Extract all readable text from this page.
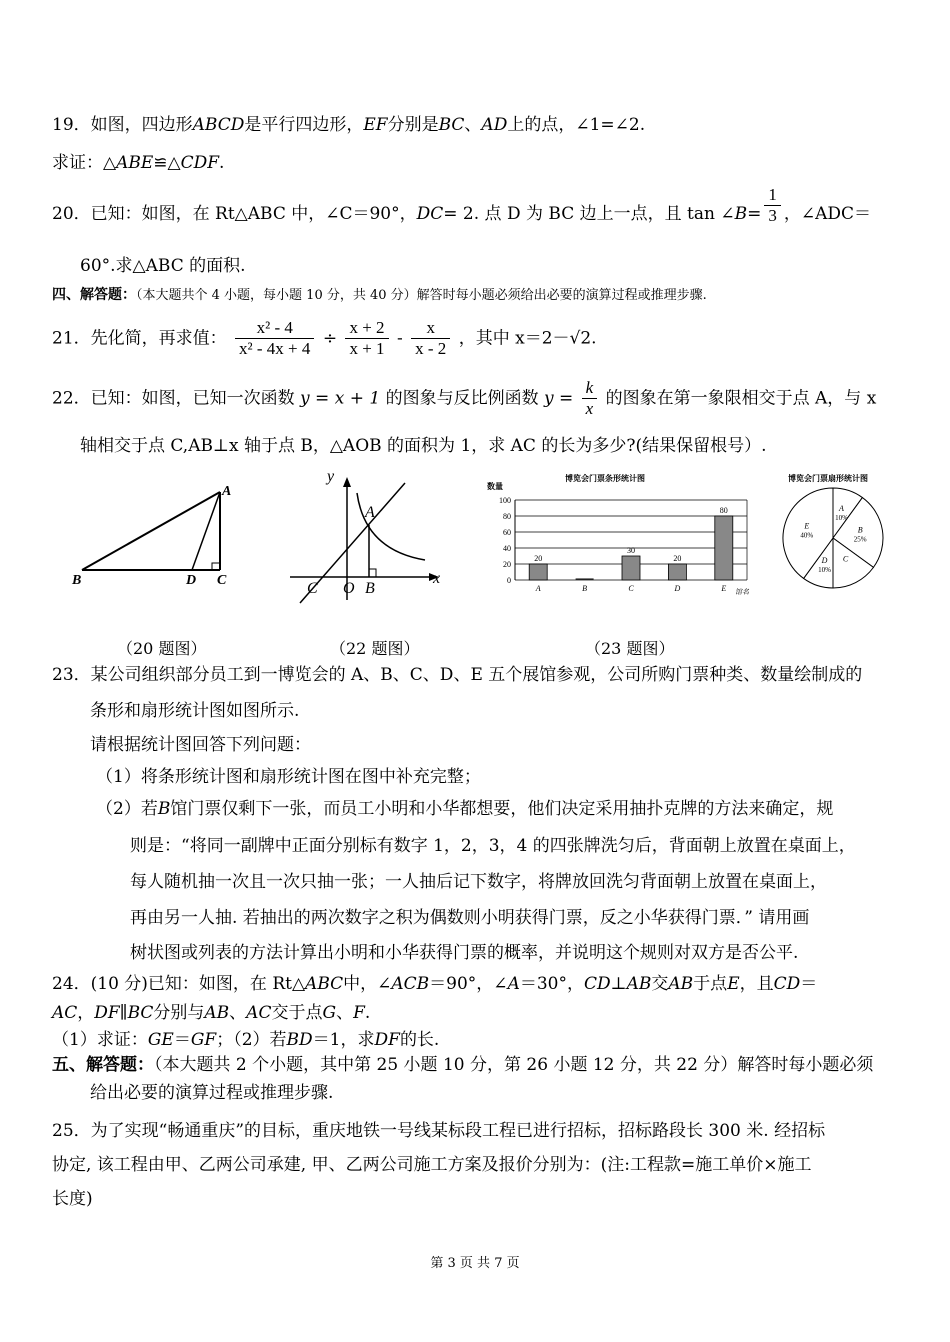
19．如图，四边形ABCD是平行四边形，EF分别是BC、AD上的点，∠1=∠2.
求证：△ABE≌△CDF.
20．已知：如图，在 Rt△ABC 中，∠C＝90°，DC= 2. 点 D 为 BC 边上一点，且 tan ∠B= $\frac{1}{3}$ ，∠ADC＝
60°.求△ABC 的面积.
四、解答题：（本大题共个 4 小题，每小题 10 分，共 40 分）解答时每小题必须给出必要的演算过程或推理步骤.
21．先化简，再求值： $\frac{\text{x² - 4}}{\text{x² - 4x + 4}} \div \frac{x + 2}{x + 1} - \frac{x}{x - 2}$ ，其中 x＝2－√2.
22．已知：如图，已知一次函数 y = x + 1 的图象与反比例函数 $y = \frac{k}{x}$ 的图象在第一象限相交于点 A，与 x
轴相交于点 C,AB⊥x 轴于点 B，△AOB 的面积为 1，求 AC 的长为多少?(结果保留根号）.
A
B	D C
y
x
A
C O B
博览会门票条形统计图
数量
馆名
0
20
40
60
80
100
20
A	B
30
C
20
D
80
E
博览会门票扇形统计图
A
10%
B
25%
C
D
10%
E
40%
（20 题图）	（22 题图）	（23 题图）
23．某公司组织部分员工到一博览会的 A、B、C、D、E 五个展馆参观，公司所购门票种类、数量绘制成的
条形和扇形统计图如图所示.
请根据统计图回答下列问题：
（1）将条形统计图和扇形统计图在图中补充完整；
（2）若B馆门票仅剩下一张，而员工小明和小华都想要，他们决定采用抽扑克牌的方法来确定，规
则是：“将同一副牌中正面分别标有数字 1，2，3，4 的四张牌洗匀后，背面朝上放置在桌面上，
每人随机抽一次且一次只抽一张；一人抽后记下数字，将牌放回洗匀背面朝上放置在桌面上，
再由另一人抽. 若抽出的两次数字之积为偶数则小明获得门票，反之小华获得门票．” 请用画
树状图或列表的方法计算出小明和小华获得门票的概率，并说明这个规则对双方是否公平.
24．(10 分)已知：如图，在 Rt△ABC中，∠ACB＝90°，∠A＝30°，CD⊥AB交AB于点E，且CD＝
AC，DF∥BC分别与AB、AC交于点G、F.
（1）求证：GE＝GF；（2）若BD＝1，求DF的长.
五、解答题：（本大题共 2 个小题，其中第 25 小题 10 分，第 26 小题 12 分，共 22 分）解答时每小题必须
给出必要的演算过程或推理步骤.
25．为了实现“畅通重庆”的目标，重庆地铁一号线某标段工程已进行招标，招标路段长 300 米. 经招标
协定, 该工程由甲、乙两公司承建, 甲、乙两公司施工方案及报价分别为：(注:工程款=施工单价×施工
长度)
第 3 页 共 7 页
